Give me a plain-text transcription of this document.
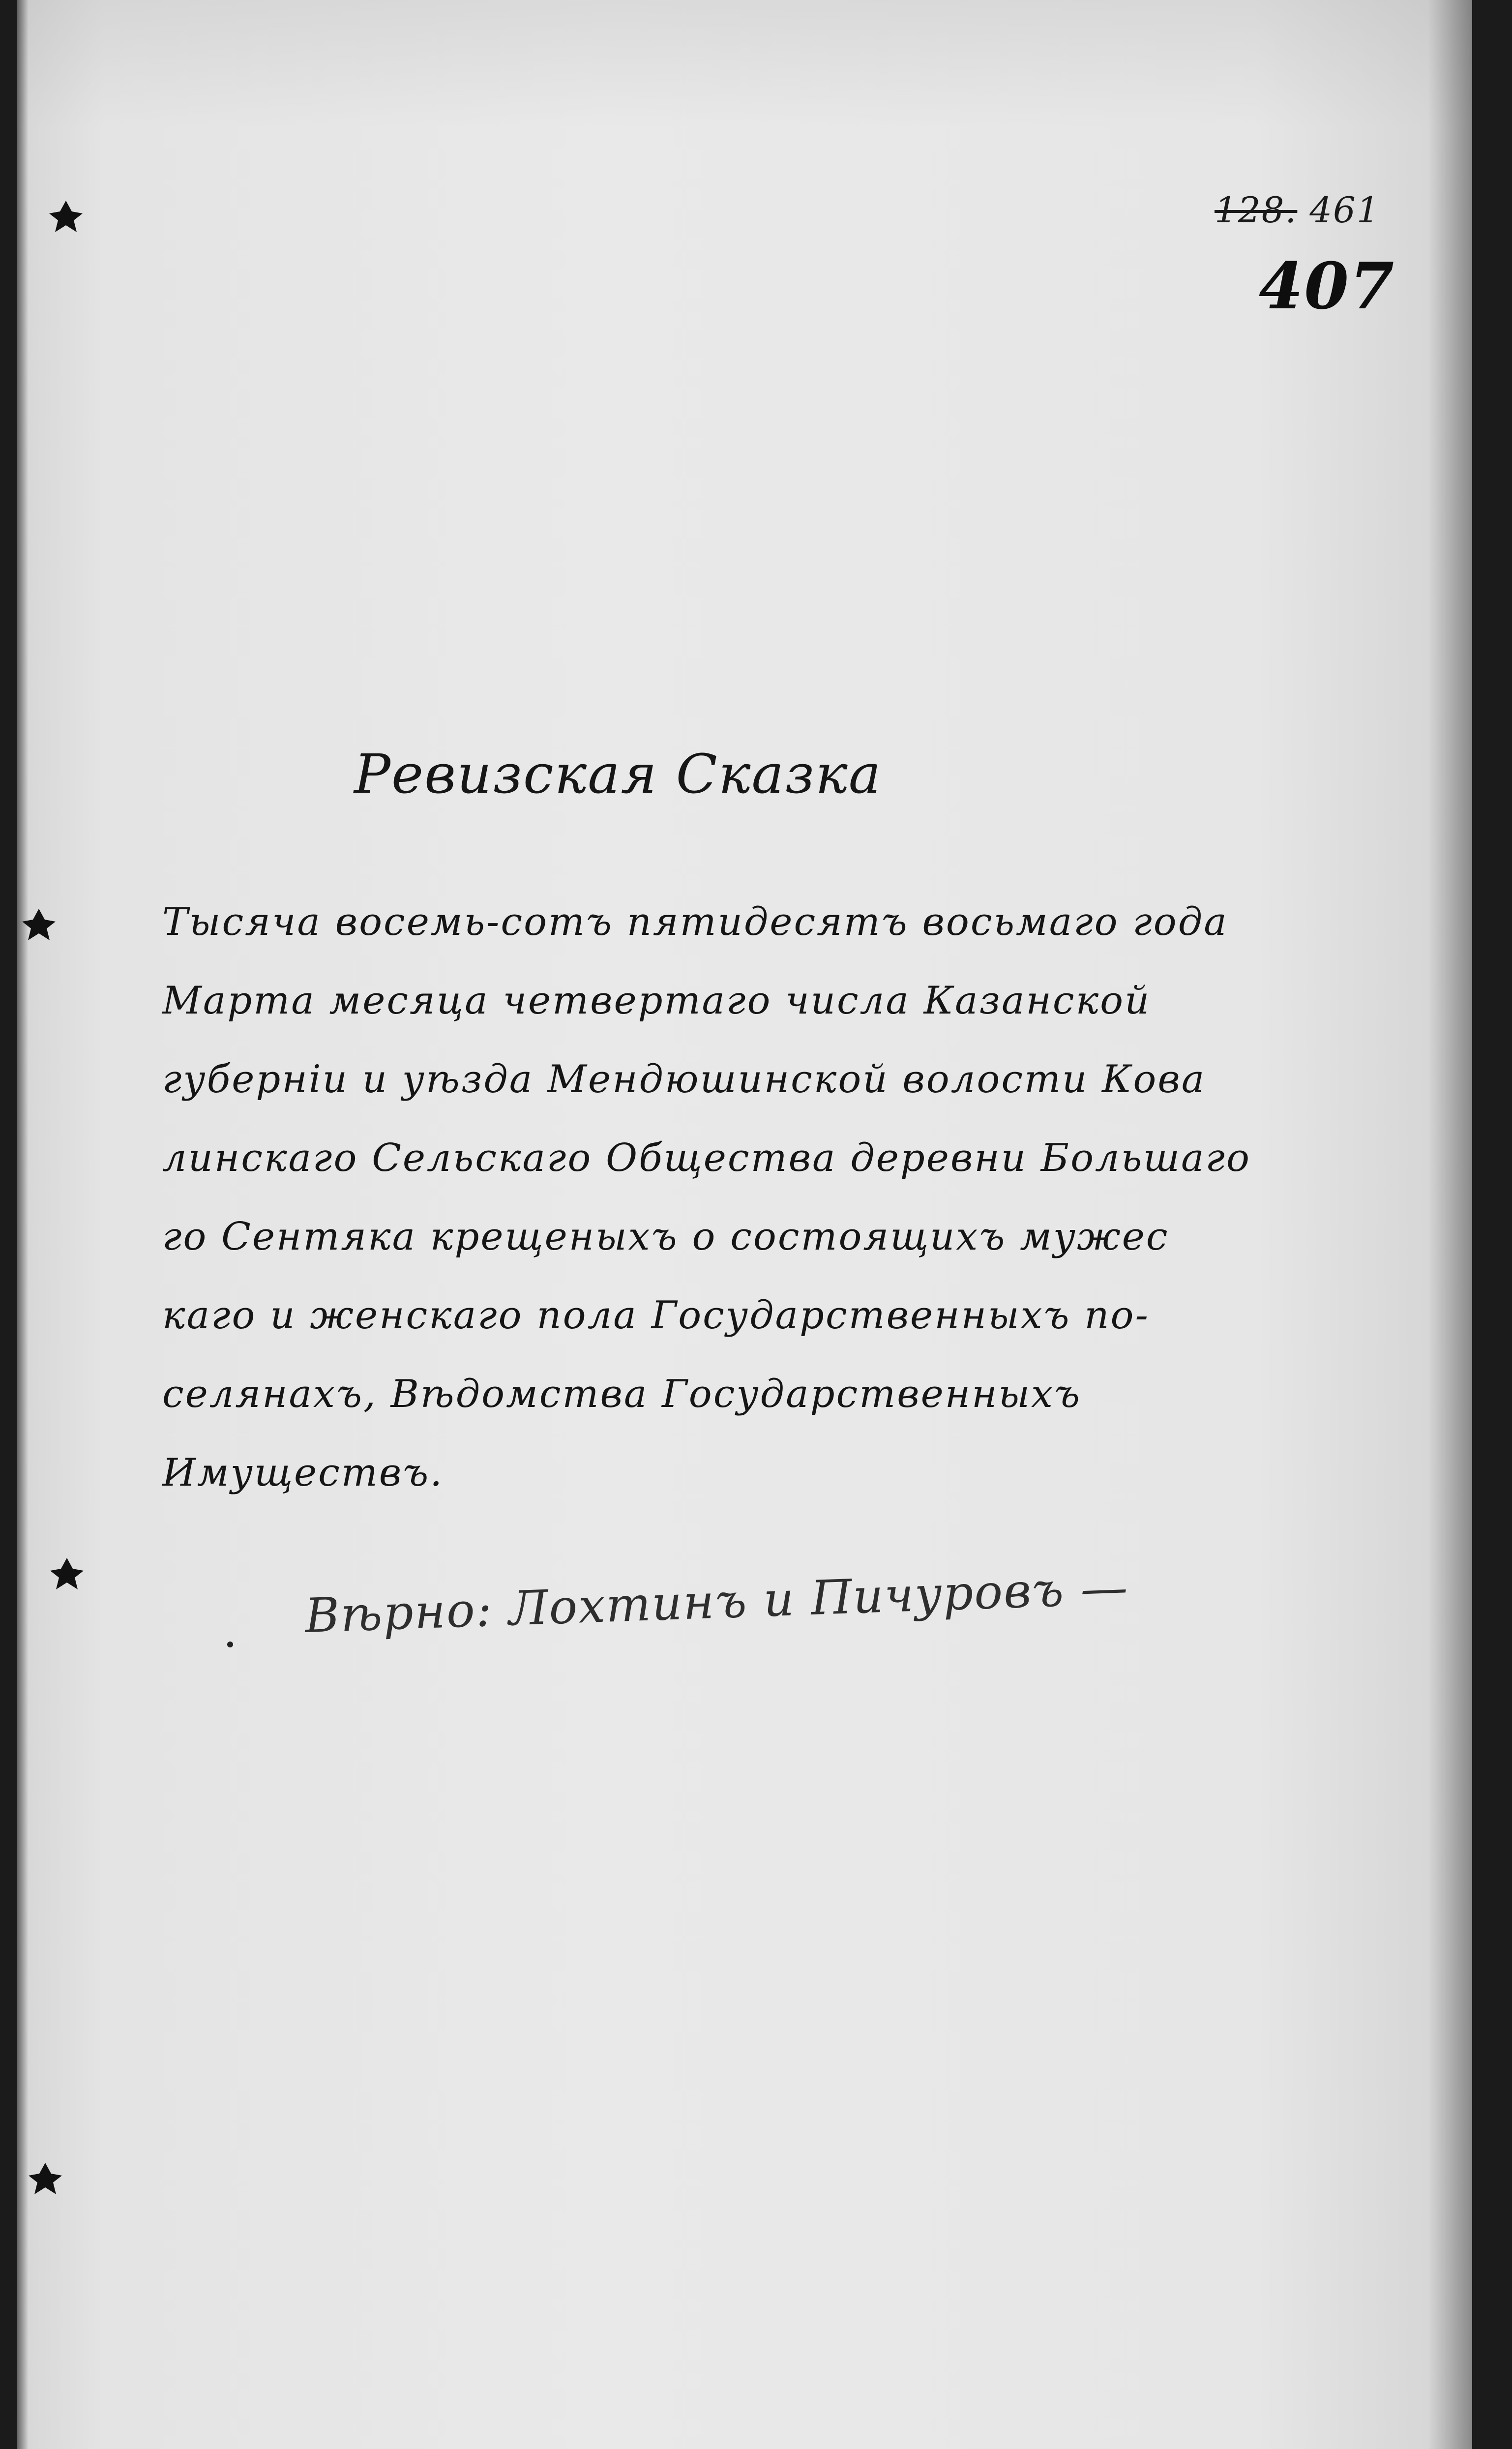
128. 461
407
Ревизская Сказка
Тысяча восемь-сотъ пятидесятъ восьмаго года
Марта месяца четвертаго числа Казанской
губерніи и уѣзда Мендюшинской волости Кова
линскаго Сельскаго Общества деревни Большаго
го Сентяка крещеныхъ о состоящихъ мужес
каго и женскаго пола Государственныхъ по-
селянахъ, Вѣдомства Государственныхъ
Имуществъ.
Вѣрно: Лохтинъ и Пичуровъ —
